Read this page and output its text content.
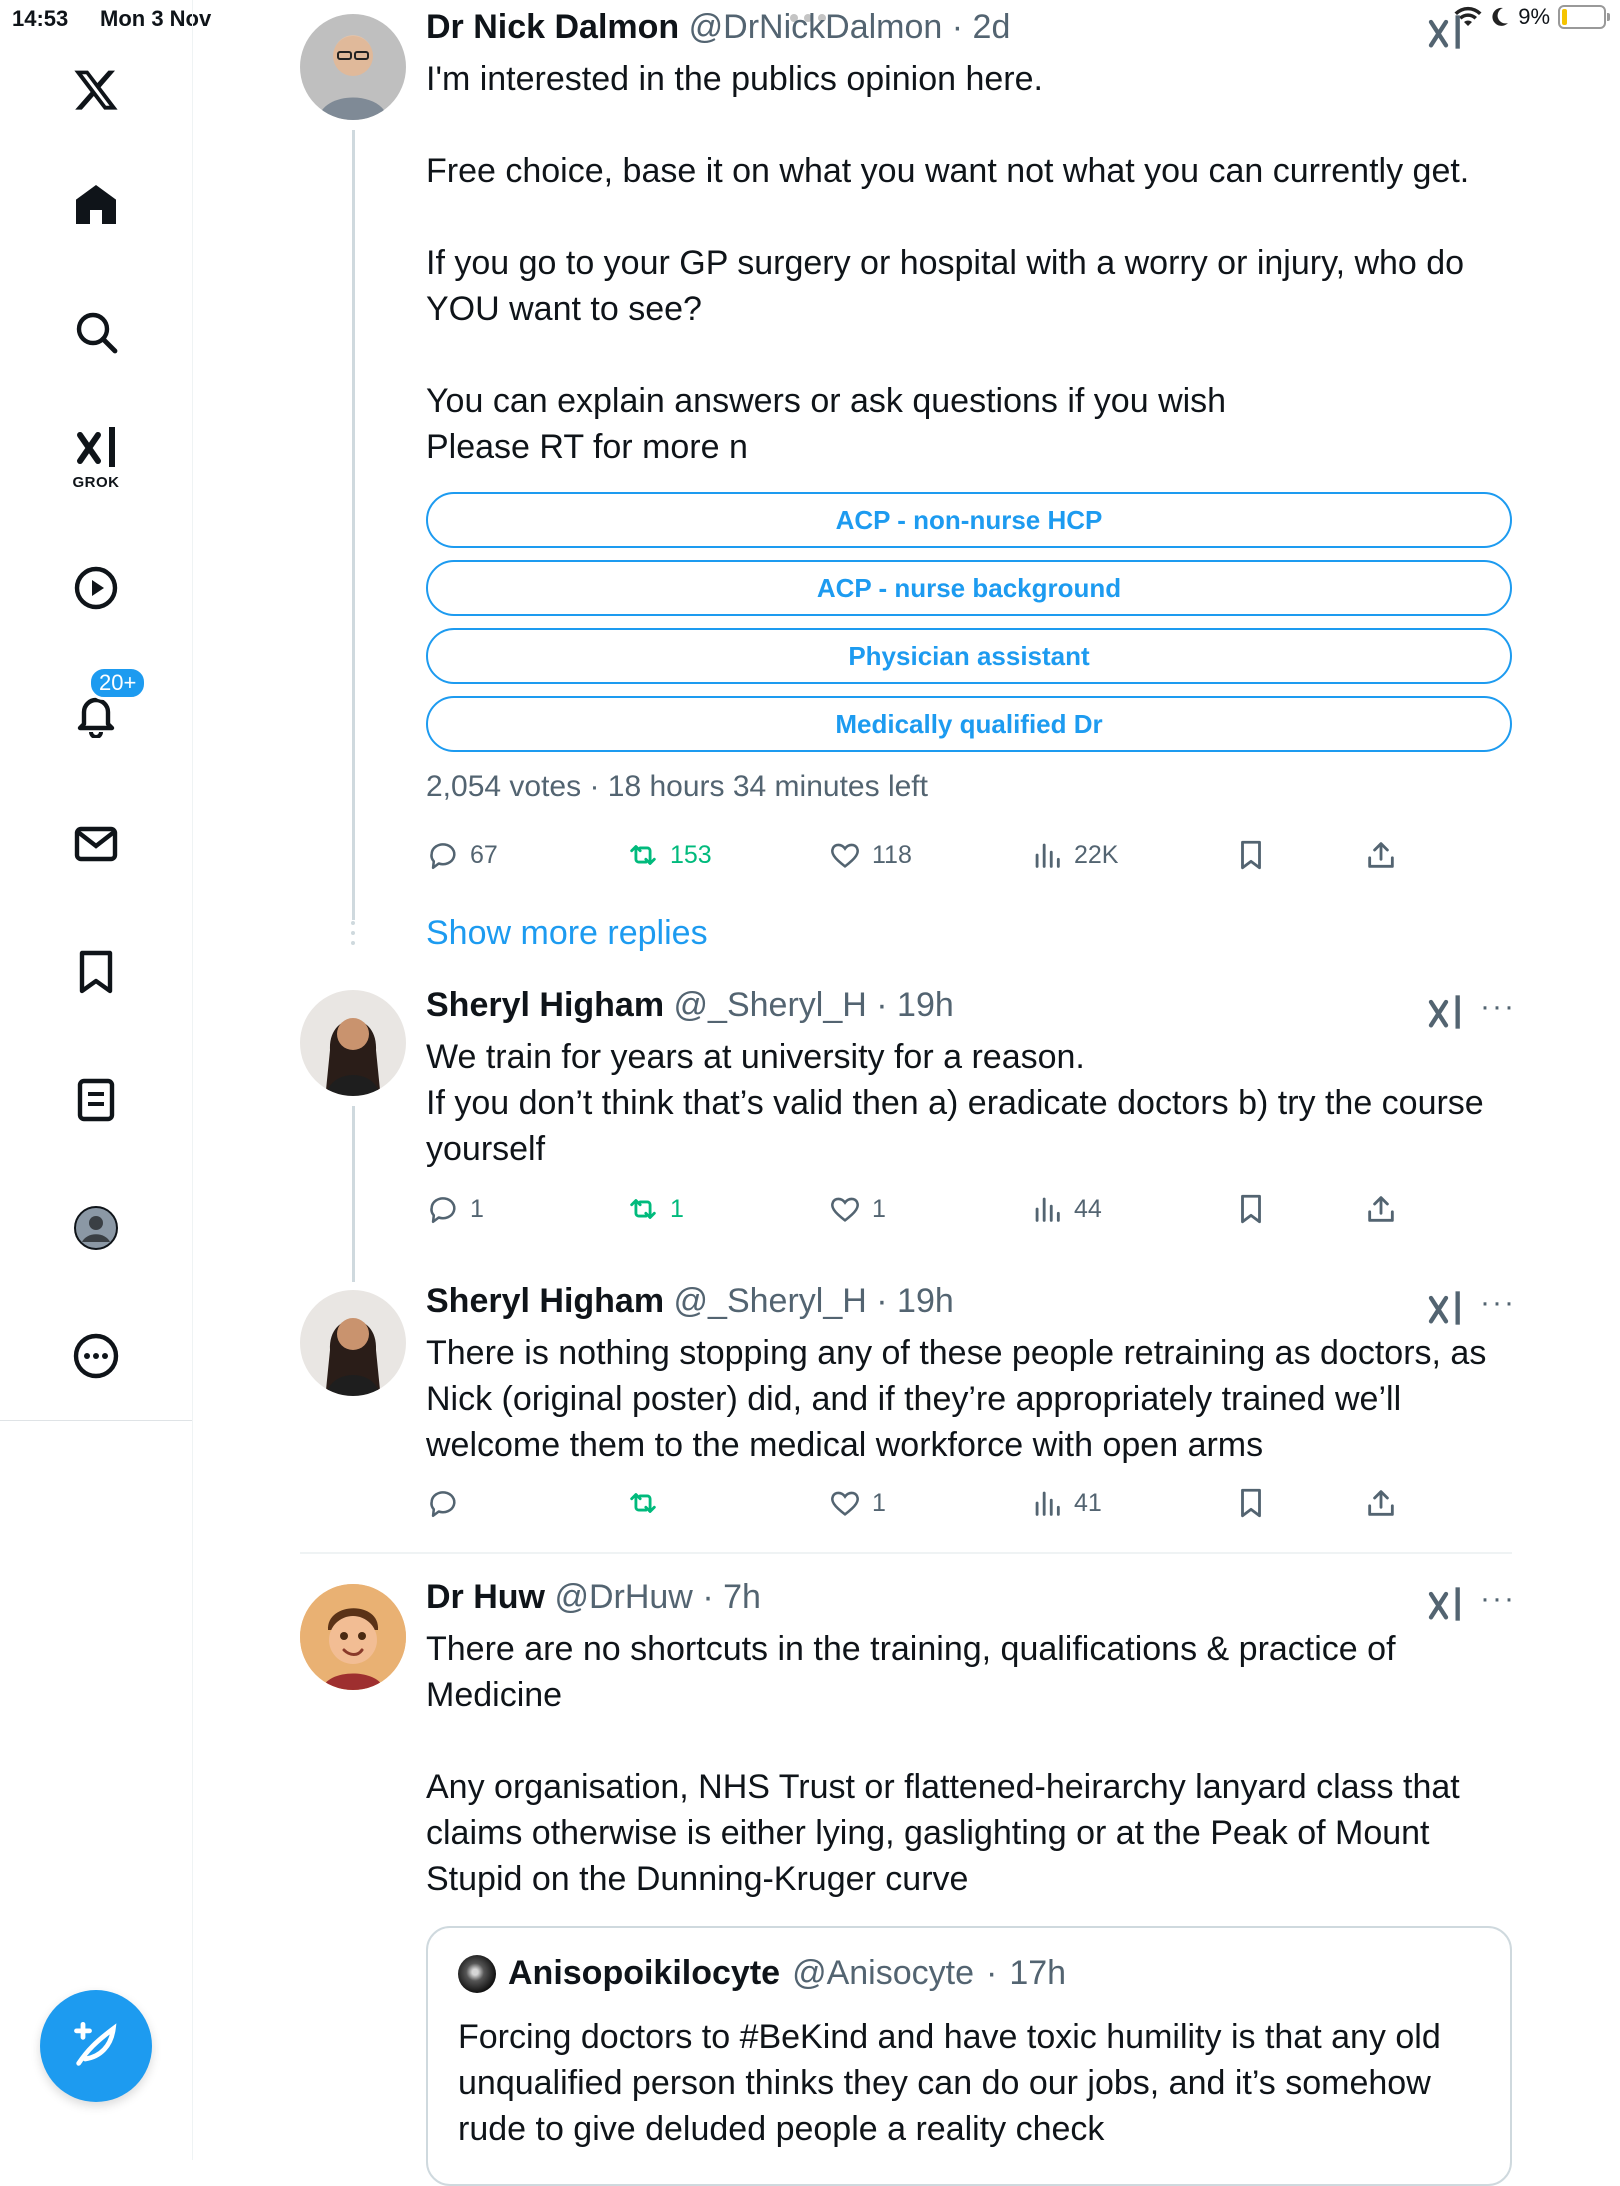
14:53 Mon 3 Nov	9%
GROK
20+
Dr Nick Dalmon @DrNickDalmon · 2d
I'm interested in the publics opinion here.

Free choice, base it on what you want not what you can currently get.

If you go to your GP surgery or hospital with a worry or injury, who do YOU want to see?

You can explain answers or ask questions if you wish
Please RT for more n
ACP - non-nurse HCP
ACP - nurse background
Physician assistant
Medically qualified Dr
2,054 votes · 18 hours 34 minutes left
67	153	118	22K
Show more replies
Sheryl Higham @_Sheryl_H · 19h	···
We train for years at university for a reason.
If you don’t think that’s valid then a) eradicate doctors b) try the course yourself
1	1	1	44
Sheryl Higham @_Sheryl_H · 19h	···
There is nothing stopping any of these people retraining as doctors, as Nick (original poster) did, and if they’re appropriately trained we’ll welcome them to the medical workforce with open arms
1	41
Dr Huw @DrHuw · 7h	···
There are no shortcuts in the training, qualifications & practice of Medicine

Any organisation, NHS Trust or flattened-heirarchy lanyard class that claims otherwise is either lying, gaslighting or at the Peak of Mount Stupid on the Dunning-Kruger curve
Anisopoikilocyte @Anisocyte · 17h
Forcing doctors to #BeKind and have toxic humility is that any old unqualified person thinks they can do our jobs, and it’s somehow rude to give deluded people a reality check
